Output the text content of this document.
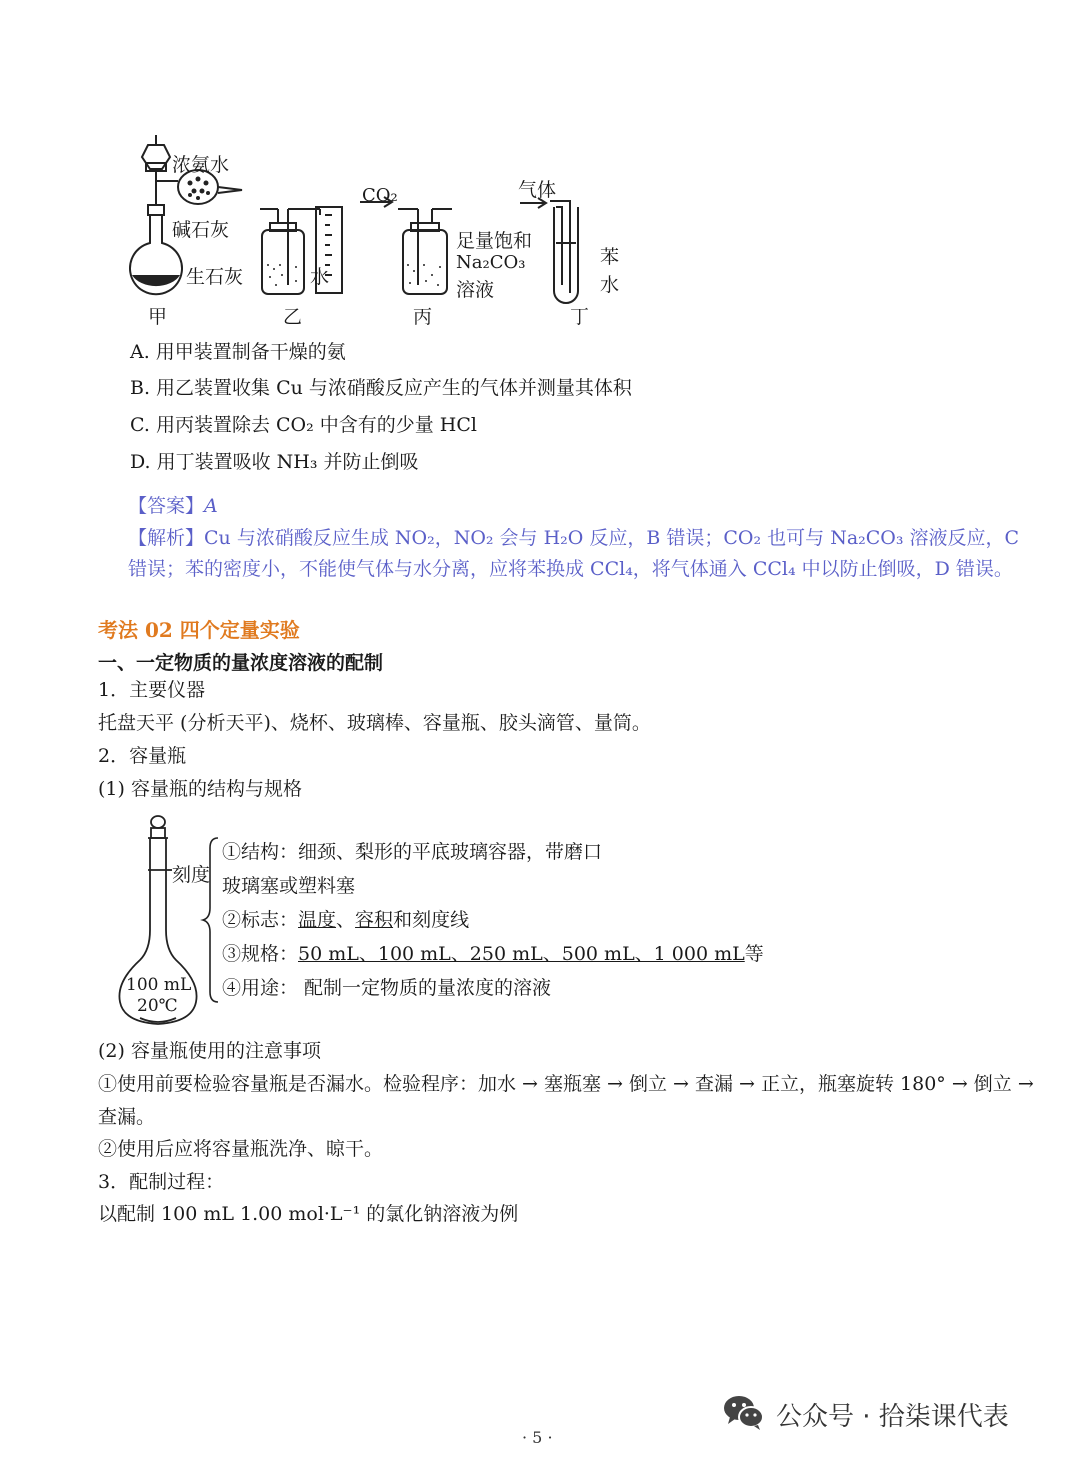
浓氨水
碱石灰
生石灰	水
CO₂
足量饱和
Na₂CO₃
溶液
气体
苯
水
甲	乙	丙	丁
A. 用甲装置制备干燥的氨
B. 用乙装置收集 Cu 与浓硝酸反应产生的气体并测量其体积
C. 用丙装置除去 CO₂ 中含有的少量 HCl
D. 用丁装置吸收 NH₃ 并防止倒吸
【答案】A
【解析】Cu 与浓硝酸反应生成 NO₂，NO₂ 会与 H₂O 反应，B 错误；CO₂ 也可与 Na₂CO₃ 溶液反应，C
错误；苯的密度小，不能使气体与水分离，应将苯换成 CCl₄，将气体通入 CCl₄ 中以防止倒吸，D 错误。
考法 02 四个定量实验
一、一定物质的量浓度溶液的配制
1．主要仪器
托盘天平 (分析天平)、烧杯、玻璃棒、容量瓶、胶头滴管、量筒。
2．容量瓶
(1) 容量瓶的结构与规格
刻度
100 mL
20℃
①结构：细颈、梨形的平底玻璃容器，带磨口
玻璃塞或塑料塞
②标志：温度、容积和刻度线
③规格：50 mL、100 mL、250 mL、500 mL、1 000 mL等
④用途： 配制一定物质的量浓度的溶液
(2) 容量瓶使用的注意事项
①使用前要检验容量瓶是否漏水。检验程序：加水 → 塞瓶塞 → 倒立 → 查漏 → 正立，瓶塞旋转 180° → 倒立 →
查漏。
②使用后应将容量瓶洗净、晾干。
3．配制过程：
以配制 100 mL 1.00 mol·L⁻¹ 的氯化钠溶液为例
公众号 · 拾柒课代表
· 5 ·
